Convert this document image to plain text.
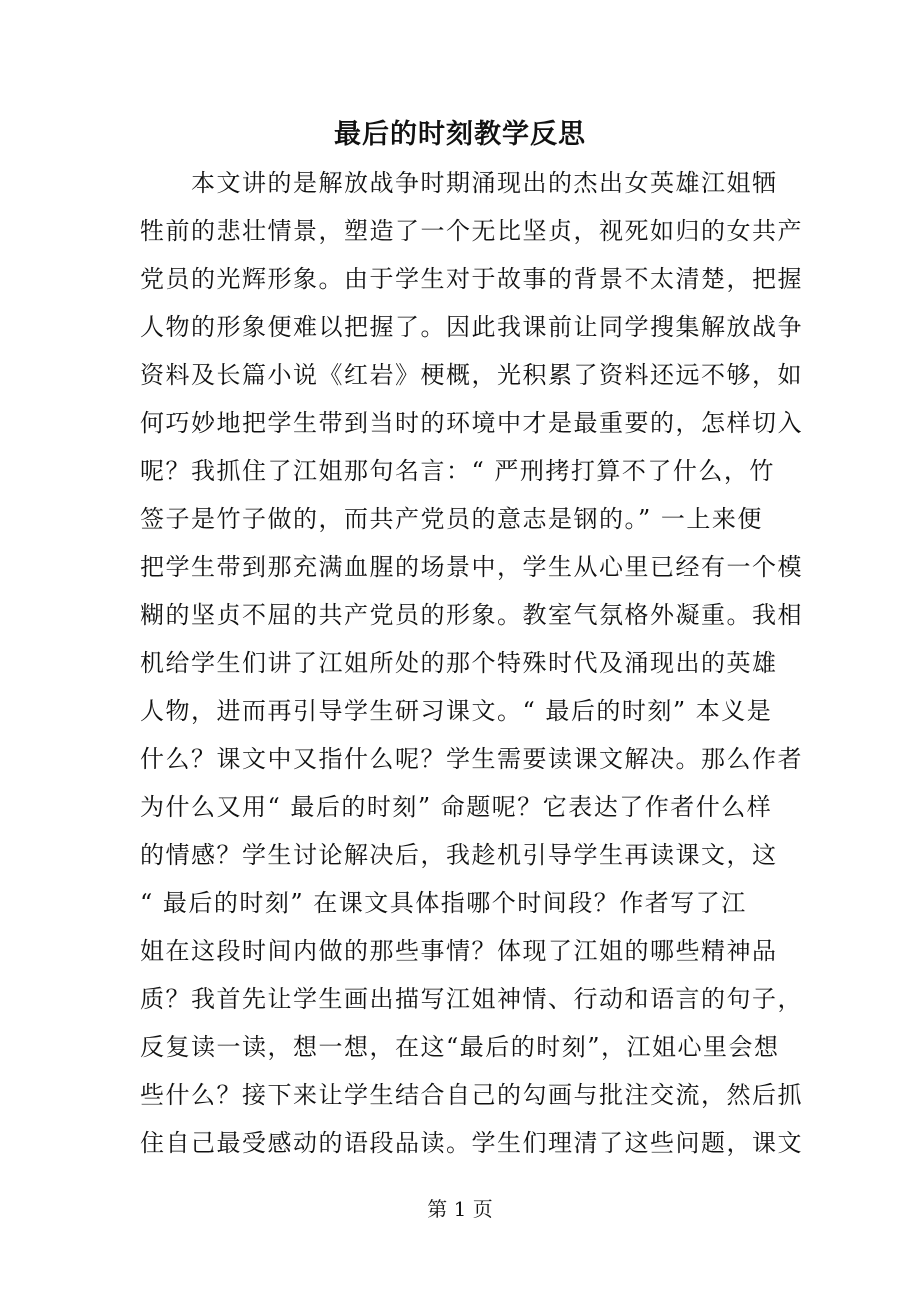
最后的时刻教学反思
　　本文讲的是解放战争时期涌现出的杰出女英雄江姐牺
牲前的悲壮情景，塑造了一个无比坚贞，视死如归的女共产
党员的光辉形象。由于学生对于故事的背景不太清楚，把握
人物的形象便难以把握了。因此我课前让同学搜集解放战争
资料及长篇小说《红岩》梗概，光积累了资料还远不够，如
何巧妙地把学生带到当时的环境中才是最重要的，怎样切入
呢？我抓住了江姐那句名言：“ 严刑拷打算不了什么，竹
签子是竹子做的，而共产党员的意志是钢的。” 一上来便
把学生带到那充满血腥的场景中，学生从心里已经有一个模
糊的坚贞不屈的共产党员的形象。教室气氛格外凝重。我相
机给学生们讲了江姐所处的那个特殊时代及涌现出的英雄
人物，进而再引导学生研习课文。“ 最后的时刻” 本义是
什么？课文中又指什么呢？学生需要读课文解决。那么作者
为什么又用“ 最后的时刻” 命题呢？它表达了作者什么样
的情感？学生讨论解决后，我趁机引导学生再读课文，这
“ 最后的时刻” 在课文具体指哪个时间段？作者写了江
姐在这段时间内做的那些事情？体现了江姐的哪些精神品
质？我首先让学生画出描写江姐神情、行动和语言的句子，
反复读一读，想一想，在这“最后的时刻”，江姐心里会想
些什么？接下来让学生结合自己的勾画与批注交流，然后抓
住自己最受感动的语段品读。学生们理清了这些问题，课文
第 1 页
